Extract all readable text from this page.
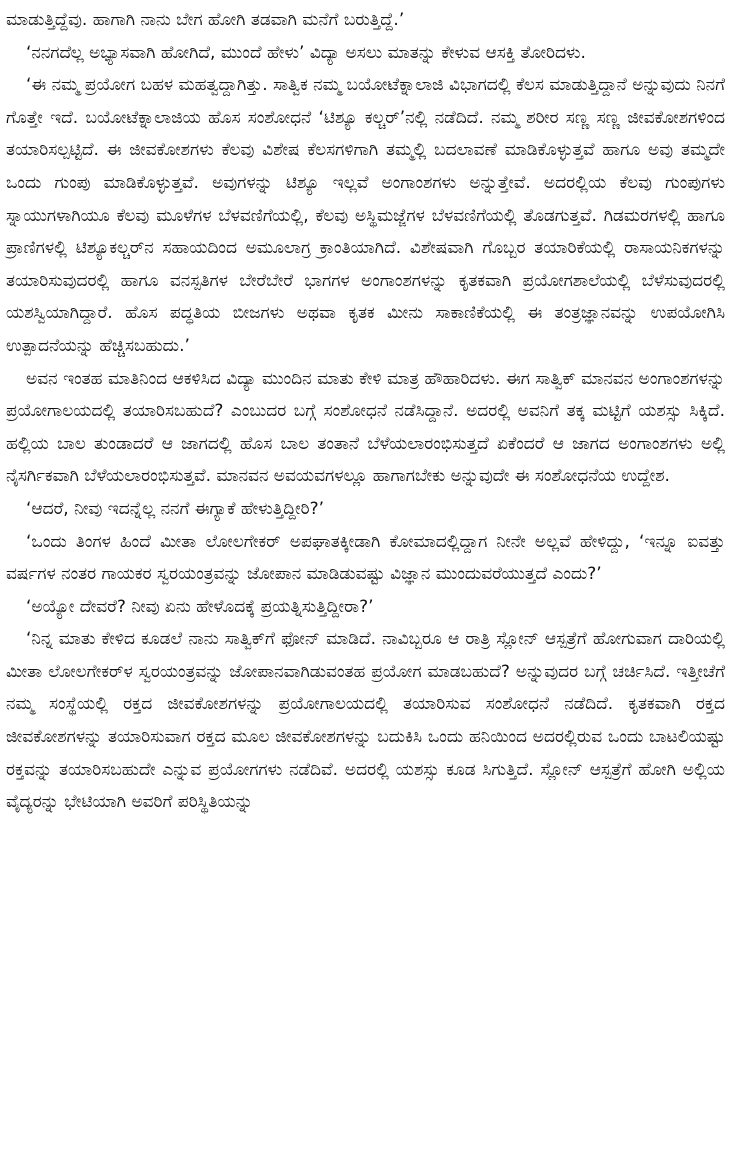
ಮಾಡುತ್ತಿದ್ದೆವು. ಹಾಗಾಗಿ ನಾನು ಬೇಗ ಹೋಗಿ ತಡವಾಗಿ ಮನೆಗೆ ಬರುತ್ತಿದ್ದೆ.’

‘ನನಗದೆಲ್ಲ ಅಭ್ಯಾಸವಾಗಿ ಹೋಗಿದೆ, ಮುಂದೆ ಹೇಳು’ ವಿದ್ಯಾ ಅಸಲು ಮಾತನ್ನು ಕೇಳುವ ಆಸಕ್ತಿ ತೋರಿದಳು.

‘ಈ ನಮ್ಮ ಪ್ರಯೋಗ ಬಹಳ ಮಹತ್ವದ್ದಾಗಿತ್ತು. ಸಾತ್ವಿಕ ನಮ್ಮ ಬಯೋಟೆಕ್ನಾಲಾಜಿ ವಿಭಾಗದಲ್ಲಿ ಕೆಲಸ ಮಾಡುತ್ತಿದ್ದಾನೆ ಅನ್ನುವುದು ನಿನಗೆ ಗೊತ್ತೇ ಇದೆ. ಬಯೋಟೆಕ್ನಾಲಾಜಿಯ ಹೊಸ ಸಂಶೋಧನೆ ‘ಟಿಶ್ಯೂ ಕಲ್ಚರ್’ನಲ್ಲಿ ನಡೆದಿದೆ. ನಮ್ಮ ಶರೀರ ಸಣ್ಣ ಸಣ್ಣ ಜೀವಕೋಶಗಳಿಂದ ತಯಾರಿಸಲ್ಪಟ್ಟಿದೆ. ಈ ಜೀವಕೋಶಗಳು ಕೆಲವು ವಿಶೇಷ ಕೆಲಸಗಳಿಗಾಗಿ ತಮ್ಮಲ್ಲಿ ಬದಲಾವಣೆ ಮಾಡಿಕೊಳ್ಳುತ್ತವೆ ಹಾಗೂ ಅವು ತಮ್ಮದೇ ಒಂದು ಗುಂಪು ಮಾಡಿಕೊಳ್ಳುತ್ತವೆ. ಅವುಗಳನ್ನು ಟಿಶ್ಯೂ ಇಲ್ಲವೆ ಅಂಗಾಂಶಗಳು ಅನ್ನುತ್ತೇವೆ. ಅದರಲ್ಲಿಯ ಕೆಲವು ಗುಂಪುಗಳು ಸ್ನಾಯುಗಳಾಗಿಯೂ ಕೆಲವು ಮೂಳೆಗಳ ಬೆಳವಣಿಗೆಯಲ್ಲಿ, ಕೆಲವು ಅಸ್ಥಿಮಜ್ಜೆಗಳ ಬೆಳವಣಿಗೆಯಲ್ಲಿ ತೊಡಗುತ್ತವೆ. ಗಿಡಮರಗಳಲ್ಲಿ ಹಾಗೂ ಪ್ರಾಣಿಗಳಲ್ಲಿ ಟಿಶ್ಯೂಕಲ್ಚರ್‌ನ ಸಹಾಯದಿಂದ ಅಮೂಲಾಗ್ರ ಕ್ರಾಂತಿಯಾಗಿದೆ. ವಿಶೇಷವಾಗಿ ಗೊಬ್ಬರ ತಯಾರಿಕೆಯಲ್ಲಿ ರಾಸಾಯನಿಕಗಳನ್ನು ತಯಾರಿಸುವುದರಲ್ಲಿ ಹಾಗೂ ವನಸ್ಪತಿಗಳ ಬೇರೆಬೇರೆ ಭಾಗಗಳ ಅಂಗಾಂಶಗಳನ್ನು ಕೃತಕವಾಗಿ ಪ್ರಯೋಗಶಾಲೆಯಲ್ಲಿ ಬೆಳೆಸುವುದರಲ್ಲಿ ಯಶಸ್ವಿಯಾಗಿದ್ದಾರೆ. ಹೊಸ ಪದ್ಧತಿಯ ಬೀಜಗಳು ಅಥವಾ ಕೃತಕ ಮೀನು ಸಾಕಾಣಿಕೆಯಲ್ಲಿ ಈ ತಂತ್ರಜ್ಞಾನವನ್ನು ಉಪಯೋಗಿಸಿ ಉತ್ಪಾದನೆಯನ್ನು ಹೆಚ್ಚಿಸಬಹುದು.’

ಅವನ ಇಂತಹ ಮಾತಿನಿಂದ ಆಕಳಿಸಿದ ವಿದ್ಯಾ ಮುಂದಿನ ಮಾತು ಕೇಳಿ ಮಾತ್ರ ಹೌಹಾರಿದಳು. ಈಗ ಸಾತ್ವಿಕ್ ಮಾನವನ ಅಂಗಾಂಶಗಳನ್ನು ಪ್ರಯೋಗಾಲಯದಲ್ಲಿ ತಯಾರಿಸಬಹುದೆ? ಎಂಬುದರ ಬಗ್ಗೆ ಸಂಶೋಧನೆ ನಡೆಸಿದ್ದಾನೆ. ಅದರಲ್ಲಿ ಅವನಿಗೆ ತಕ್ಕ ಮಟ್ಟಿಗೆ ಯಶಸ್ಸು ಸಿಕ್ಕಿದೆ. ಹಲ್ಲಿಯ ಬಾಲ ತುಂಡಾದರೆ ಆ ಜಾಗದಲ್ಲಿ ಹೊಸ ಬಾಲ ತಂತಾನೆ ಬೆಳೆಯಲಾರಂಭಿಸುತ್ತದೆ ಏಕೆಂದರೆ ಆ ಜಾಗದ ಅಂಗಾಂಶಗಳು ಅಲ್ಲಿ ನೈಸರ್ಗಿಕವಾಗಿ ಬೆಳೆಯಲಾರಂಭಿಸುತ್ತವೆ. ಮಾನವನ ಅವಯವಗಳಲ್ಲೂ ಹಾಗಾಗಬೇಕು ಅನ್ನುವುದೇ ಈ ಸಂಶೋಧನೆಯ ಉದ್ದೇಶ.

‘ಆದರೆ, ನೀವು ಇದನ್ನೆಲ್ಲ ನನಗೆ ಈಗ್ಯಾಕೆ ಹೇಳುತ್ತಿದ್ದೀರಿ?’

‘ಒಂದು ತಿಂಗಳ ಹಿಂದೆ ಮೀತಾ ಲೋಲಗೇಕರ್ ಅಪಘಾತಕ್ಕೀಡಾಗಿ ಕೋಮಾದಲ್ಲಿದ್ದಾಗ ನೀನೇ ಅಲ್ಲವೆ ಹೇಳಿದ್ದು, ‘ಇನ್ನೂ ಐವತ್ತು ವರ್ಷಗಳ ನಂತರ ಗಾಯಕರ ಸ್ವರಯಂತ್ರವನ್ನು ಜೋಪಾನ ಮಾಡಿಡುವಷ್ಟು ವಿಜ್ಞಾನ ಮುಂದುವರೆಯುತ್ತದೆ ಎಂದು?’

‘ಅಯ್ಯೋ ದೇವರೆ? ನೀವು ಏನು ಹೇಳೊದಕ್ಕೆ ಪ್ರಯತ್ನಿಸುತ್ತಿದ್ದೀರಾ?’

‘ನಿನ್ನ ಮಾತು ಕೇಳಿದ ಕೂಡಲೆ ನಾನು ಸಾತ್ವಿಕ್‌ಗೆ ಫೋನ್ ಮಾಡಿದೆ. ನಾವಿಬ್ಬರೂ ಆ ರಾತ್ರಿ ಸ್ಲೋನ್ ಆಸ್ಪತ್ರೆಗೆ ಹೋಗುವಾಗ ದಾರಿಯಲ್ಲಿ ಮೀತಾ ಲೋಲಗೇಕರ್‌ಳ ಸ್ವರಯಂತ್ರವನ್ನು ಜೋಪಾನವಾಗಿಡುವಂತಹ ಪ್ರಯೋಗ ಮಾಡಬಹುದೆ? ಅನ್ನುವುದರ ಬಗ್ಗೆ ಚರ್ಚಿಸಿದೆ. ಇತ್ತೀಚೆಗೆ ನಮ್ಮ ಸಂಸ್ಥೆಯಲ್ಲಿ ರಕ್ತದ ಜೀವಕೋಶಗಳನ್ನು ಪ್ರಯೋಗಾಲಯದಲ್ಲಿ ತಯಾರಿಸುವ ಸಂಶೋಧನೆ ನಡೆದಿದೆ. ಕೃತಕವಾಗಿ ರಕ್ತದ ಜೀವಕೋಶಗಳನ್ನು ತಯಾರಿಸುವಾಗ ರಕ್ತದ ಮೂಲ ಜೀವಕೋಶಗಳನ್ನು ಬದುಕಿಸಿ ಒಂದು ಹನಿಯಿಂದ ಅದರಲ್ಲಿರುವ ಒಂದು ಬಾಟಲಿಯಷ್ಟು ರಕ್ತವನ್ನು ತಯಾರಿಸಬಹುದೇ ಎನ್ನುವ ಪ್ರಯೋಗಗಳು ನಡೆದಿವೆ. ಅದರಲ್ಲಿ ಯಶಸ್ಸು ಕೂಡ ಸಿಗುತ್ತಿದೆ. ಸ್ಲೋನ್ ಆಸ್ಪತ್ರೆಗೆ ಹೋಗಿ ಅಲ್ಲಿಯ ವೈದ್ಯರನ್ನು ಭೇಟಿಯಾಗಿ ಅವರಿಗೆ ಪರಿಸ್ಥಿತಿಯನ್ನು
